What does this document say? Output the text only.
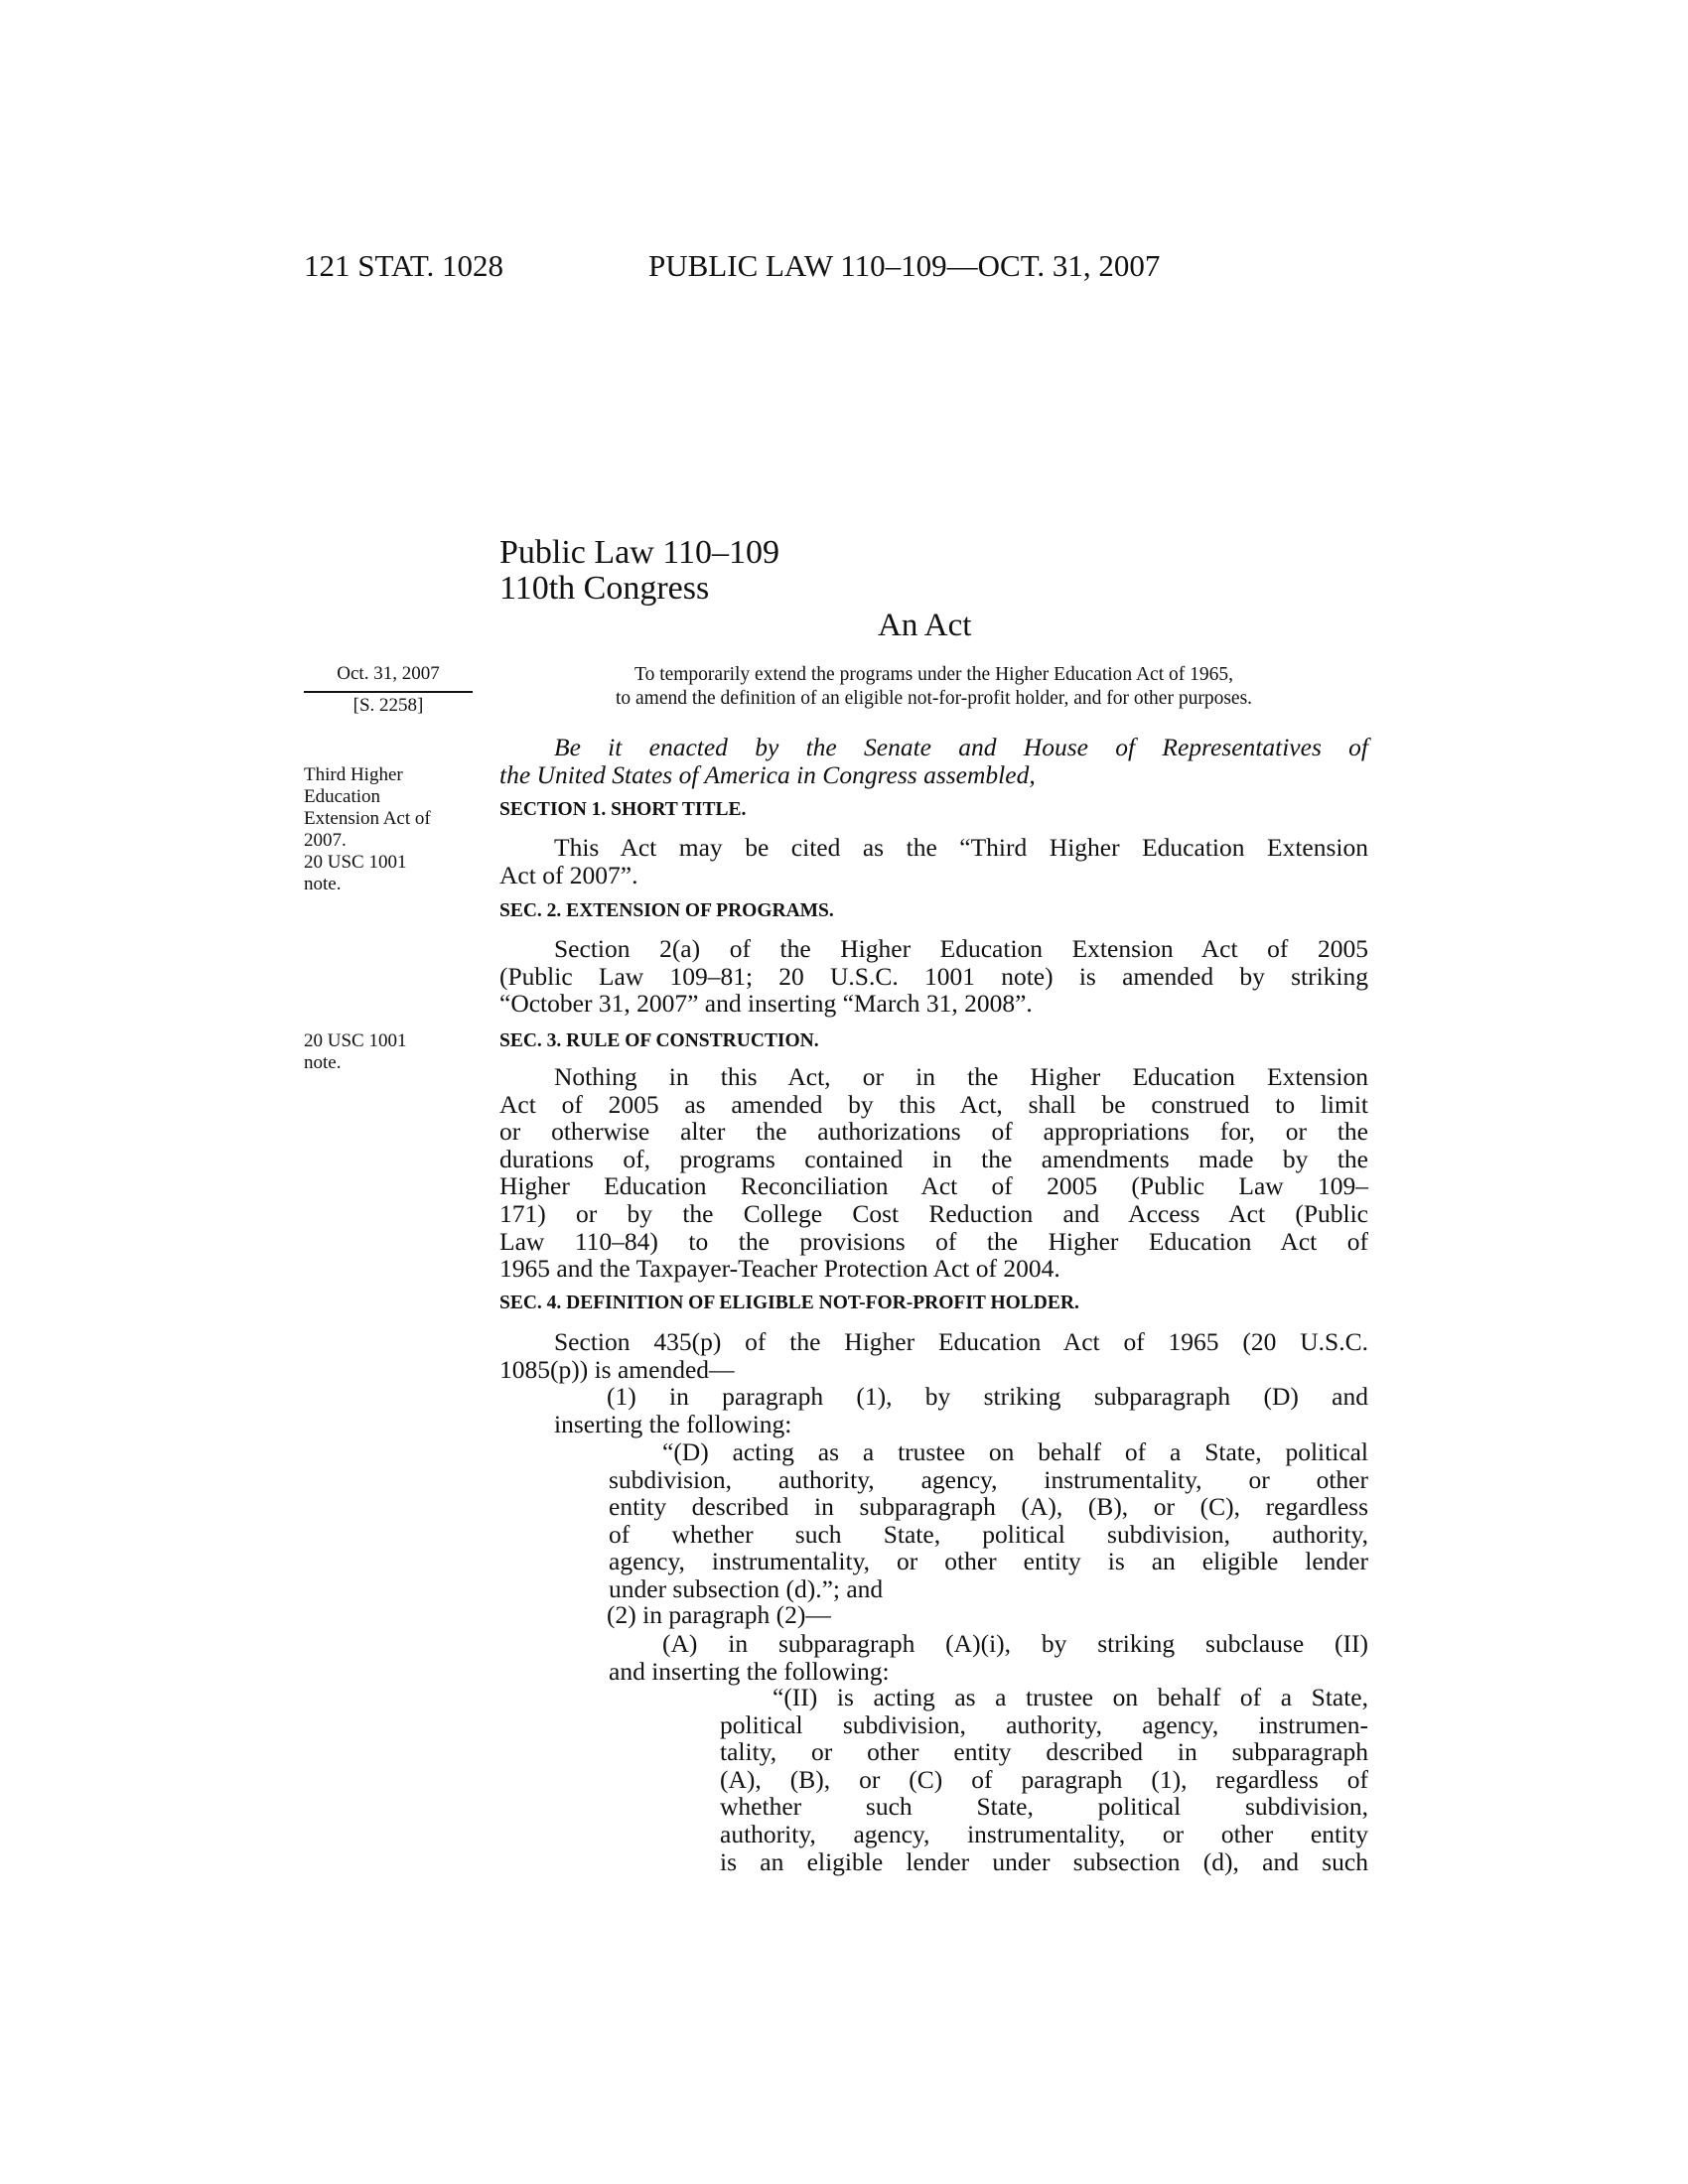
121 STAT. 1028	PUBLIC LAW 110–109—OCT. 31, 2007
Public Law 110–109
110th Congress
An Act
Oct. 31, 2007
[S. 2258]
To temporarily extend the programs under the Higher Education Act of 1965,
to amend the definition of an eligible not-for-profit holder, and for other purposes.
Third Higher
Education
Extension Act of
2007.
20 USC 1001
note.
20 USC 1001
note.
SECTION 1. SHORT TITLE.
SEC. 2. EXTENSION OF PROGRAMS.
SEC. 3. RULE OF CONSTRUCTION.
SEC. 4. DEFINITION OF ELIGIBLE NOT-FOR-PROFIT HOLDER.
Be it enacted by the Senate and House of Representatives of
the United States of America in Congress assembled,
This Act may be cited as the “Third Higher Education Extension
Act of 2007”.
Section 2(a) of the Higher Education Extension Act of 2005
(Public Law 109–81; 20 U.S.C. 1001 note) is amended by striking
“October 31, 2007” and inserting “March 31, 2008”.
Nothing in this Act, or in the Higher Education Extension
Act of 2005 as amended by this Act, shall be construed to limit
or otherwise alter the authorizations of appropriations for, or the
durations of, programs contained in the amendments made by the
Higher Education Reconciliation Act of 2005 (Public Law 109–
171) or by the College Cost Reduction and Access Act (Public
Law 110–84) to the provisions of the Higher Education Act of
1965 and the Taxpayer-Teacher Protection Act of 2004.
Section 435(p) of the Higher Education Act of 1965 (20 U.S.C.
1085(p)) is amended—
(1) in paragraph (1), by striking subparagraph (D) and
inserting the following:
“(D) acting as a trustee on behalf of a State, political
subdivision, authority, agency, instrumentality, or other
entity described in subparagraph (A), (B), or (C), regardless
of whether such State, political subdivision, authority,
agency, instrumentality, or other entity is an eligible lender
under subsection (d).”; and
(2) in paragraph (2)—
(A) in subparagraph (A)(i), by striking subclause (II)
and inserting the following:
“(II) is acting as a trustee on behalf of a State,
political subdivision, authority, agency, instrumen-
tality, or other entity described in subparagraph
(A), (B), or (C) of paragraph (1), regardless of
whether such State, political subdivision,
authority, agency, instrumentality, or other entity
is an eligible lender under subsection (d), and such
